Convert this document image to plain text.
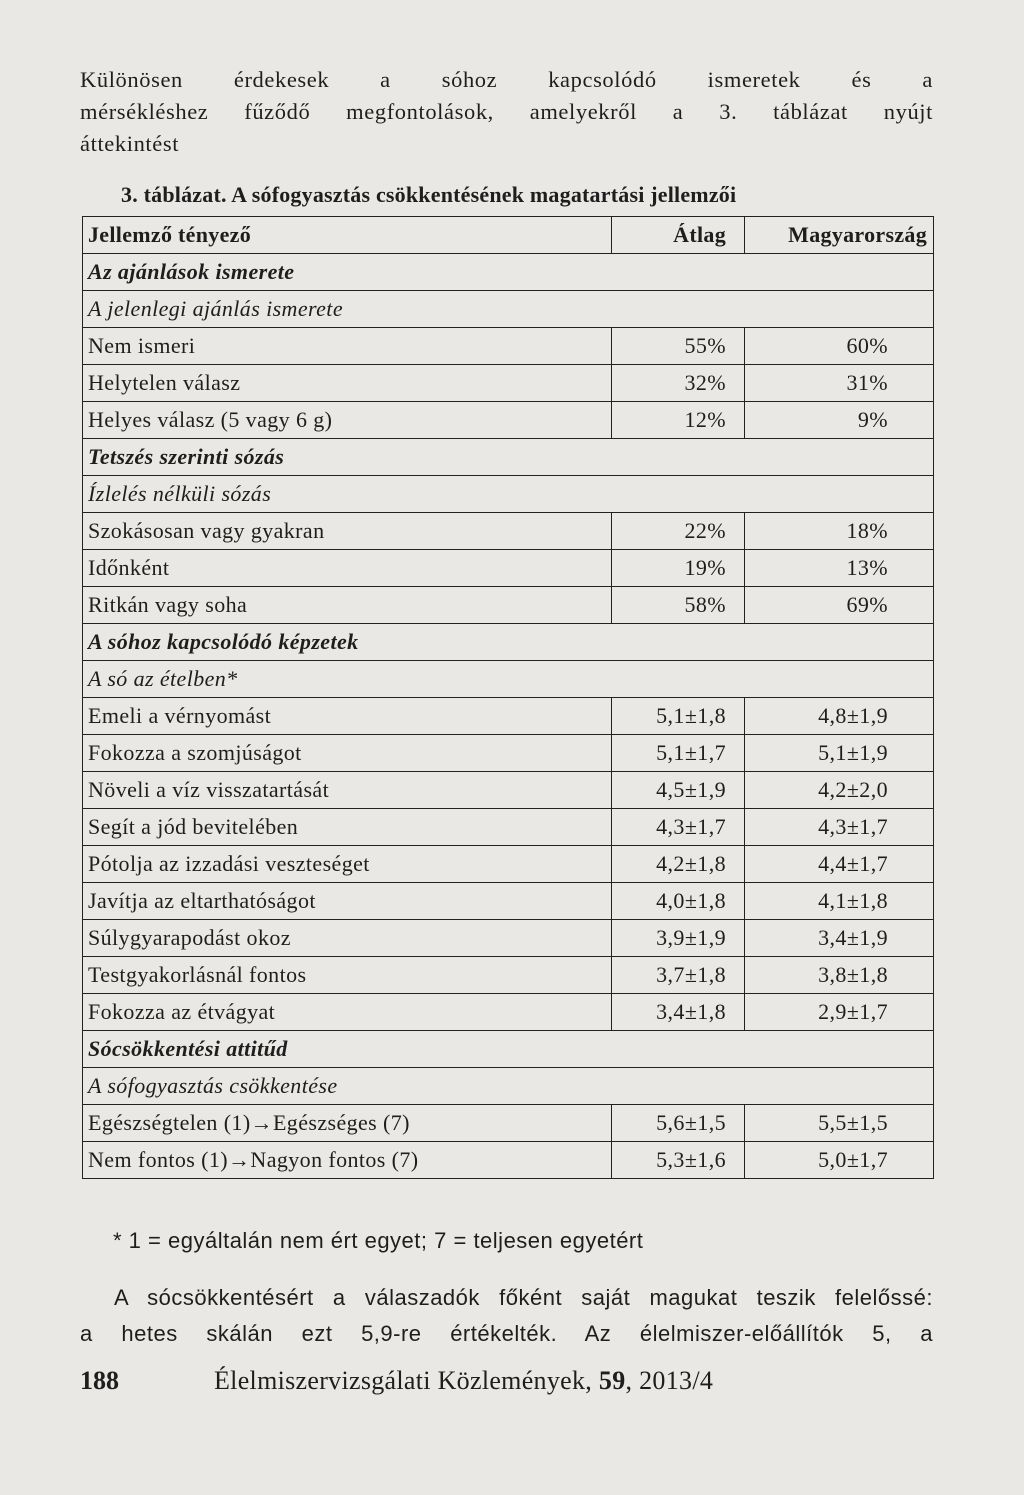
Különösen érdekesek a sóhoz kapcsolódó ismeretek és a
mérsékléshez fűződő megfontolások, amelyekről a 3. táblázat nyújt
áttekintést
3. táblázat. A sófogyasztás csökkentésének magatartási jellemzői
Jellemző tényező	Átlag	Magyarország
Az ajánlások ismerete		
A jelenlegi ajánlás ismerete		
Nem ismeri	55%	60%
Helytelen válasz	32%	31%
Helyes válasz (5 vagy 6 g)	12%	9%
Tetszés szerinti sózás		
Ízlelés nélküli sózás		
Szokásosan vagy gyakran	22%	18%
Időnként	19%	13%
Ritkán vagy soha	58%	69%
A sóhoz kapcsolódó képzetek		
A só az ételben*		
Emeli a vérnyomást	5,1±1,8	4,8±1,9
Fokozza a szomjúságot	5,1±1,7	5,1±1,9
Növeli a víz visszatartását	4,5±1,9	4,2±2,0
Segít a jód bevitelében	4,3±1,7	4,3±1,7
Pótolja az izzadási veszteséget	4,2±1,8	4,4±1,7
Javítja az eltarthatóságot	4,0±1,8	4,1±1,8
Súlygyarapodást okoz	3,9±1,9	3,4±1,9
Testgyakorlásnál fontos	3,7±1,8	3,8±1,8
Fokozza az étvágyat	3,4±1,8	2,9±1,7
Sócsökkentési attitűd		
A sófogyasztás csökkentése		
Egészségtelen (1)→Egészséges (7)	5,6±1,5	5,5±1,5
Nem fontos (1)→Nagyon fontos (7)	5,3±1,6	5,0±1,7
* 1 = egyáltalán nem ért egyet; 7 = teljesen egyetért
A sócsökkentésért a válaszadók főként saját magukat teszik felelőssé:
a hetes skálán ezt 5,9-re értékelték. Az élelmiszer-előállítók 5, a
188	Élelmiszervizsgálati Közlemények, 59, 2013/4
